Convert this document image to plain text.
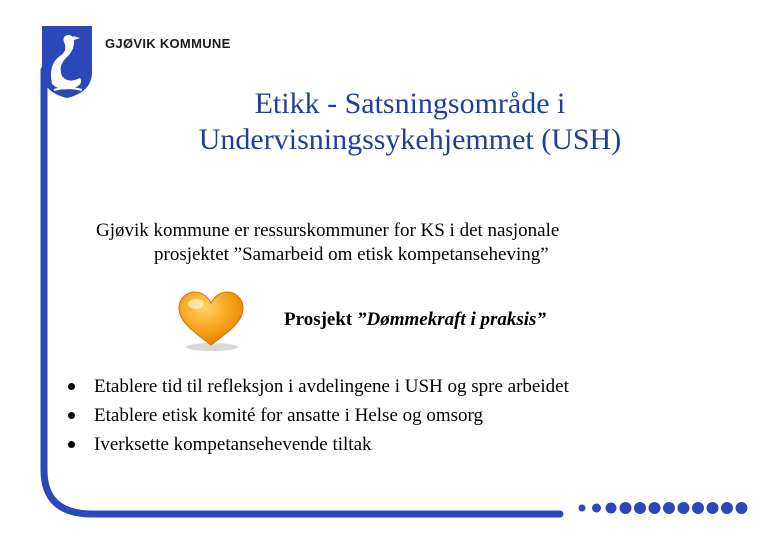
GJØVIK KOMMUNE
Etikk - Satsningsområde i
Undervisningssykehjemmet (USH)
Gjøvik kommune er ressurskommuner for KS i det nasjonale
prosjektet ”Samarbeid om etisk kompetanseheving”
Prosjekt ”Dømmekraft i praksis”
Etablere tid til refleksjon i avdelingene i USH og spre arbeidet
Etablere etisk komité for ansatte i Helse og omsorg
Iverksette kompetansehevende tiltak
